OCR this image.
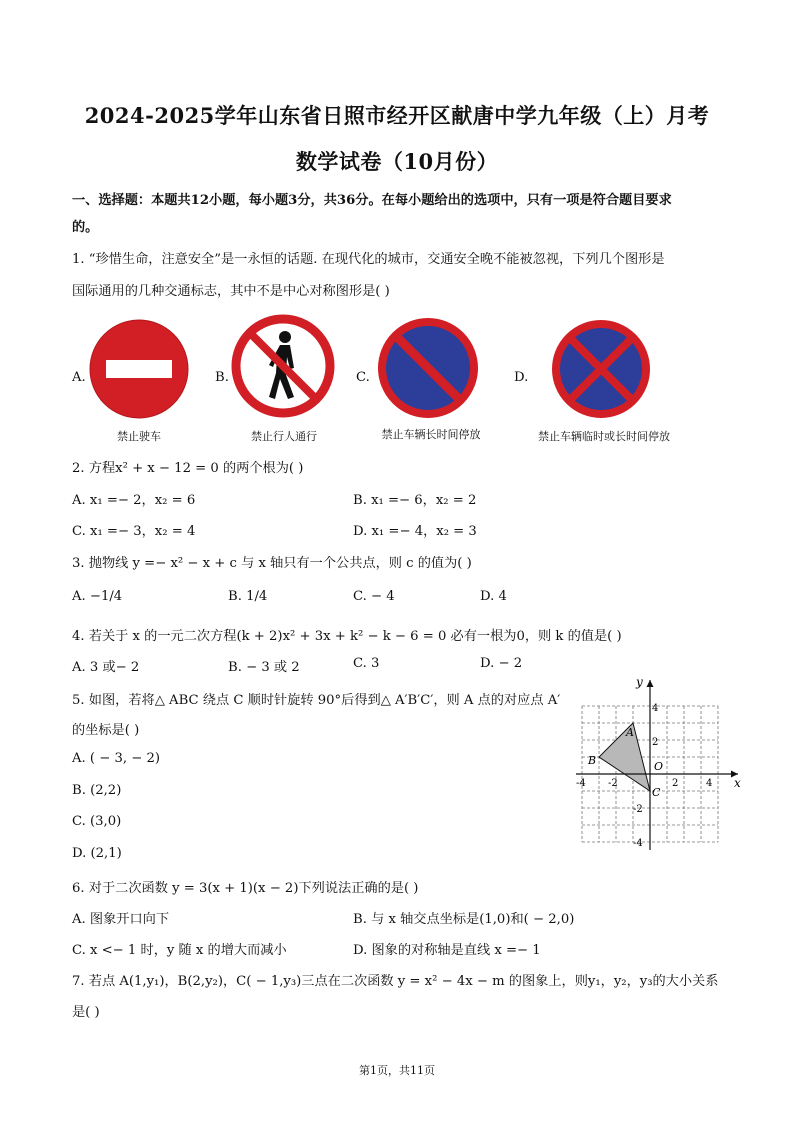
2024-2025学年山东省日照市经开区献唐中学九年级（上）月考
数学试卷（10月份）
一、选择题：本题共12小题，每小题3分，共36分。在每小题给出的选项中，只有一项是符合题目要求
的。
1. “珍惜生命，注意安全”是一永恒的话题. 在现代化的城市，交通安全晚不能被忽视，下列几个图形是
国际通用的几种交通标志，其中不是中心对称图形是( )
A.
禁止驶车
B.
禁止行人通行
C.
禁止车辆长时间停放
D.
禁止车辆临时或长时间停放
2. 方程x² + x − 12 = 0 的两个根为( )
A. x₁ =− 2，x₂ = 6	B. x₁ =− 6，x₂ = 2
C. x₁ =− 3，x₂ = 4	D. x₁ =− 4，x₂ = 3
3. 抛物线 y =− x² − x + c 与 x 轴只有一个公共点，则 c 的值为( )
A. −1/4	B. 1/4	C. − 4	D. 4
4. 若关于 x 的一元二次方程(k + 2)x² + 3x + k² − k − 6 = 0 必有一根为0，则 k 的值是( )
A. 3 或− 2	B. − 3 或 2	C. 3	D. − 2
5. 如图，若将△ ABC 绕点 C 顺时针旋转 90°后得到△ A′B′C′，则 A 点的对应点 A′
的坐标是( )
A. ( − 3, − 2)
B. (2,2)
C. (3,0)
D. (2,1)
x
y
O
4
2
-4 -2	2	4
-2
-4
A
B
C
6. 对于二次函数 y = 3(x + 1)(x − 2)下列说法正确的是( )
A. 图象开口向下	B. 与 x 轴交点坐标是(1,0)和( − 2,0)
C. x <− 1 时，y 随 x 的增大而减小	D. 图象的对称轴是直线 x =− 1
7. 若点 A(1,y₁)，B(2,y₂)，C( − 1,y₃)三点在二次函数 y = x² − 4x − m 的图象上，则y₁，y₂，y₃的大小关系
是( )
第1页，共11页
